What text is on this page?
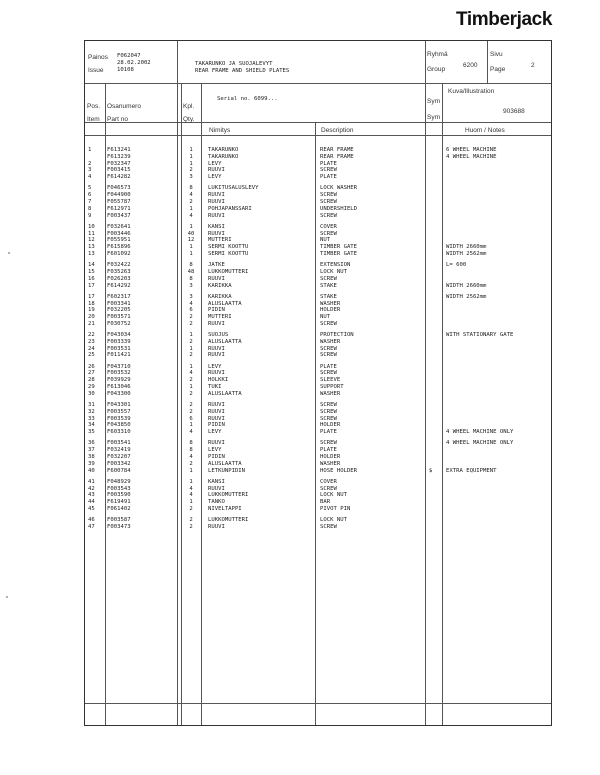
Timberjack
Painos
Issue
F062047
28.02.2002
10108
TAKARUNKO JA SUOJALEVYT
REAR FRAME AND SHIELD PLATES
Ryhmä
Group
6200
Sivu
Page
2
Pos.
Item
Osanumero
Part no
Kpl.
Qty.
Serial no. 6099...
Nimitys	Description
Sym
Sym
Kuva/Illustration
903688
Huom / Notes
1
2
3
4
5
6
7
8
9
10
11
12
13
13
14
15
16
17
17
18
19
20
21
22
23
24
25
26
27
28
29
30
31
32
33
34
35
36
37
38
39
40
41
42
43
44
45
46
47
F613241
F613239
F032347
F003415
F614282
F046573
F044900
F055787
F612971
F003437
F032641
F003446
F055951
F615896
F601092
F032422
F035263
F026203
F614292
F602317
F003341
F032205
F003571
F030752
F043034
F003339
F003531
F011421
F043710
F003532
F039929
F613046
F043300
F043301
F003557
F003539
F043850
F603310
F003541
F032419
F032207
F003342
F600784
F048929
F003543
F003590
F619491
F061402
F003587
F003473
1
1
1
2
3
8
4
2
1
4
1
40
12
1
1
8
48
8
3
3
4
6
2
2
1
2
1
2
1
4
2
1
2
2
2
6
1
4
8
8
4
2
1
1
4
4
1
2
2
2
TAKARUNKO
TAKARUNKO
LEVY
RUUVI
LEVY
LUKITUSALUSLEVY
RUUVI
RUUVI
POHJAPANSSARI
RUUVI
KANSI
RUUVI
MUTTERI
SERMI KOOTTU
SERMI KOOTTU
JATKE
LUKKOMUTTERI
RUUVI
KARIKKA
KARIKKA
ALUSLAATTA
PIDIN
MUTTERI
RUUVI
SUOJUS
ALUSLAATTA
RUUVI
RUUVI
LEVY
RUUVI
HOLKKI
TUKI
ALUSLAATTA
RUUVI
RUUVI
RUUVI
PIDIN
LEVY
RUUVI
LEVY
PIDIN
ALUSLAATTA
LETKUNPIDIN
KANSI
RUUVI
LUKKOMUTTERI
TANKO
NIVELTAPPI
LUKKOMUTTERI
RUUVI
REAR FRAME
REAR FRAME
PLATE
SCREW
PLATE
LOCK WASHER
SCREW
SCREW
UNDERSHIELD
SCREW
COVER
SCREW
NUT
TIMBER GATE
TIMBER GATE
EXTENSION
LOCK NUT
SCREW
STAKE
STAKE
WASHER
HOLDER
NUT
SCREW
PROTECTION
WASHER
SCREW
SCREW
PLATE
SCREW
SLEEVE
SUPPORT
WASHER
SCREW
SCREW
SCREW
HOLDER
PLATE
SCREW
PLATE
HOLDER
WASHER
HOSE HOLDER
COVER
SCREW
LOCK NUT
BAR
PIVOT PIN
LOCK NUT
SCREW
$
6 WHEEL MACHINE
4 WHEEL MACHINE
WIDTH 2660mm
WIDTH 2562mm
L= 600
WIDTH 2660mm
WIDTH 2562mm
WITH STATIONARY GATE
4 WHEEL MACHINE ONLY
4 WHEEL MACHINE ONLY
EXTRA EQUIPMENT
